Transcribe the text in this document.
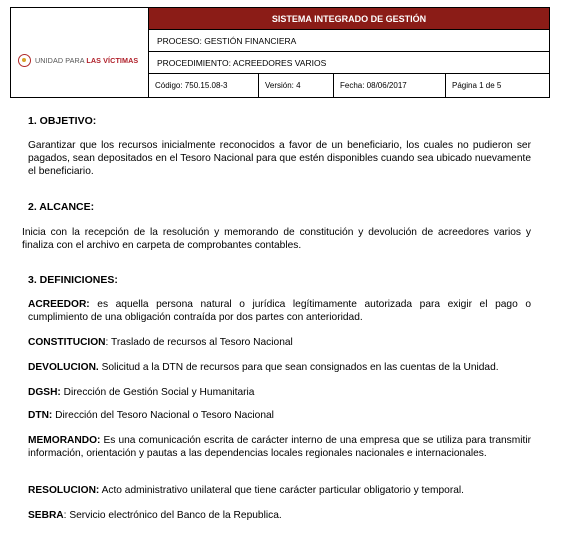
UNIDAD PARA LAS VÍCTIMAS
SISTEMA INTEGRADO DE GESTIÓN
PROCESO: GESTIÓN FINANCIERA
PROCEDIMIENTO: ACREEDORES VARIOS
Código: 750.15.08-3	Versión: 4	Fecha: 08/06/2017	Página 1 de 5
1. OBJETIVO:
Garantizar que los recursos inicialmente reconocidos a favor de un beneficiario, los cuales no pudieron ser pagados, sean depositados en el Tesoro Nacional para que estén disponibles cuando sea ubicado nuevamente el beneficiario.
2. ALCANCE:
Inicia con la recepción de la resolución y memorando de constitución y devolución de acreedores varios y finaliza con el archivo en carpeta de comprobantes contables.
3. DEFINICIONES:
ACREEDOR: es aquella persona natural o jurídica legítimamente autorizada para exigir el pago o cumplimiento de una obligación contraída por dos partes con anterioridad.
CONSTITUCION: Traslado de recursos al Tesoro Nacional
DEVOLUCION. Solicitud a la DTN de recursos para que sean consignados en las cuentas de la Unidad.
DGSH: Dirección de Gestión Social y Humanitaria
DTN: Dirección del Tesoro Nacional o Tesoro Nacional
MEMORANDO: Es una comunicación escrita de carácter interno de una empresa que se utiliza para transmitir información, orientación y pautas a las dependencias locales regionales nacionales e internacionales.
RESOLUCION: Acto administrativo unilateral que tiene carácter particular obligatorio y temporal.
SEBRA: Servicio electrónico del Banco de la Republica.
